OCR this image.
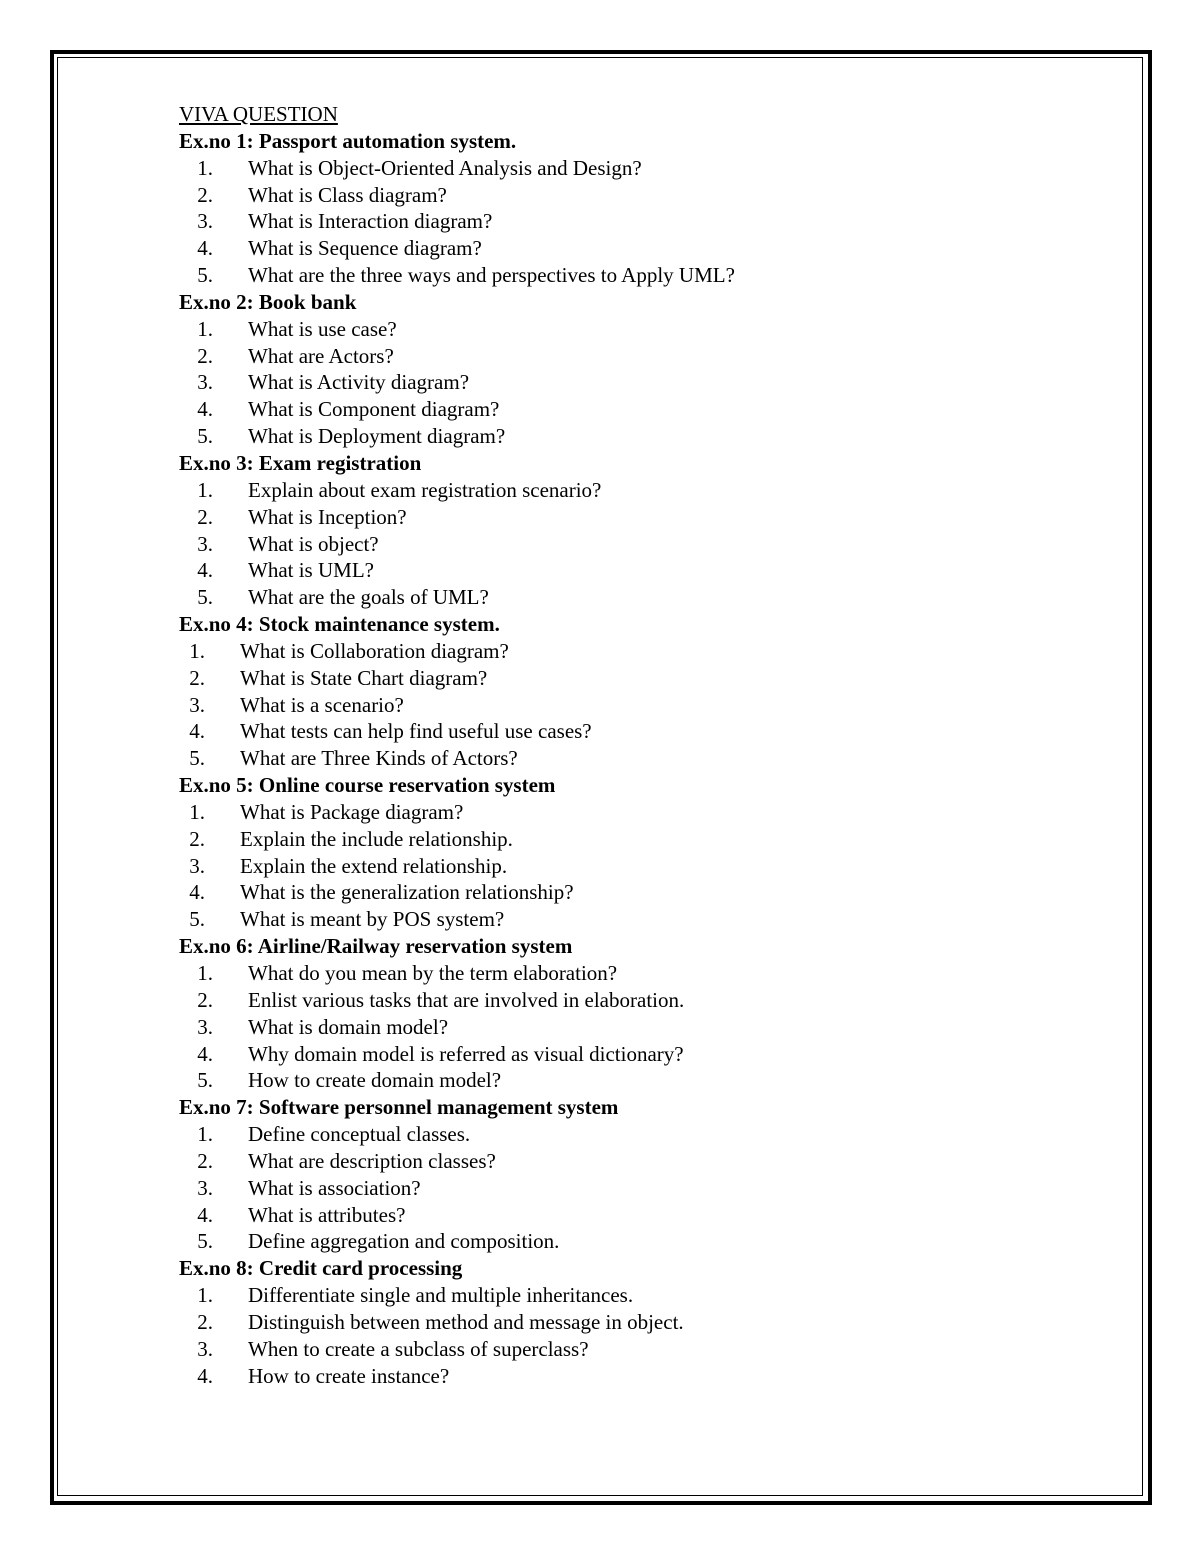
VIVA QUESTION
Ex.no 1: Passport automation system.
1.	What is Object-Oriented Analysis and Design?
2.	What is Class diagram?
3.	What is Interaction diagram?
4.	What is Sequence diagram?
5.	What are the three ways and perspectives to Apply UML?
Ex.no 2: Book bank
1.	What is use case?
2.	What are Actors?
3.	What is Activity diagram?
4.	What is Component diagram?
5.	What is Deployment diagram?
Ex.no 3: Exam registration
1.	Explain about exam registration scenario?
2.	What is Inception?
3.	What is object?
4.	What is UML?
5.	What are the goals of UML?
Ex.no 4: Stock maintenance system.
1.	What is Collaboration diagram?
2.	What is State Chart diagram?
3.	What is a scenario?
4.	What tests can help find useful use cases?
5.	What are Three Kinds of Actors?
Ex.no 5: Online course reservation system
1.	What is Package diagram?
2.	Explain the include relationship.
3.	Explain the extend relationship.
4.	What is the generalization relationship?
5.	What is meant by POS system?
Ex.no 6: Airline/Railway reservation system
1.	What do you mean by the term elaboration?
2.	Enlist various tasks that are involved in elaboration.
3.	What is domain model?
4.	Why domain model is referred as visual dictionary?
5.	How to create domain model?
Ex.no 7: Software personnel management system
1.	Define conceptual classes.
2.	What are description classes?
3.	What is association?
4.	What is attributes?
5.	Define aggregation and composition.
Ex.no 8: Credit card processing
1.	Differentiate single and multiple inheritances.
2.	Distinguish between method and message in object.
3.	When to create a subclass of superclass?
4.	How to create instance?
